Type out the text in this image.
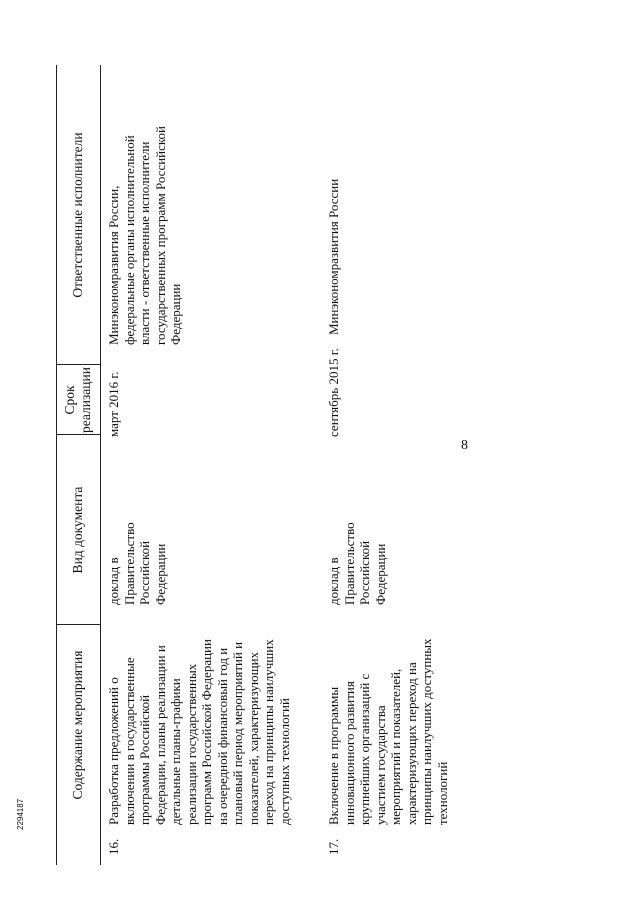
8
Содержание мероприятия
Вид документа
Срок
реализации
Ответственные исполнители
16.
Разработка предложений о
включении в государственные
программы Российской
Федерации, планы реализации и
детальные планы-графики
реализации государственных
программ Российской Федерации
на очередной финансовый год и
плановый период мероприятий и
показателей, характеризующих
переход на принципы наилучших
доступных технологий
доклад в
Правительство
Российской
Федерации
март 2016 г.
Минэкономразвития России,
федеральные органы исполнительной
власти - ответственные исполнители
государственных программ Российской
Федерации
17.
Включение в программы
инновационного развития
крупнейших организаций с
участием государства
мероприятий и показателей,
характеризующих переход на
принципы наилучших доступных
технологий
доклад в
Правительство
Российской
Федерации
сентябрь 2015 г.
Минэкономразвития России
2294187
